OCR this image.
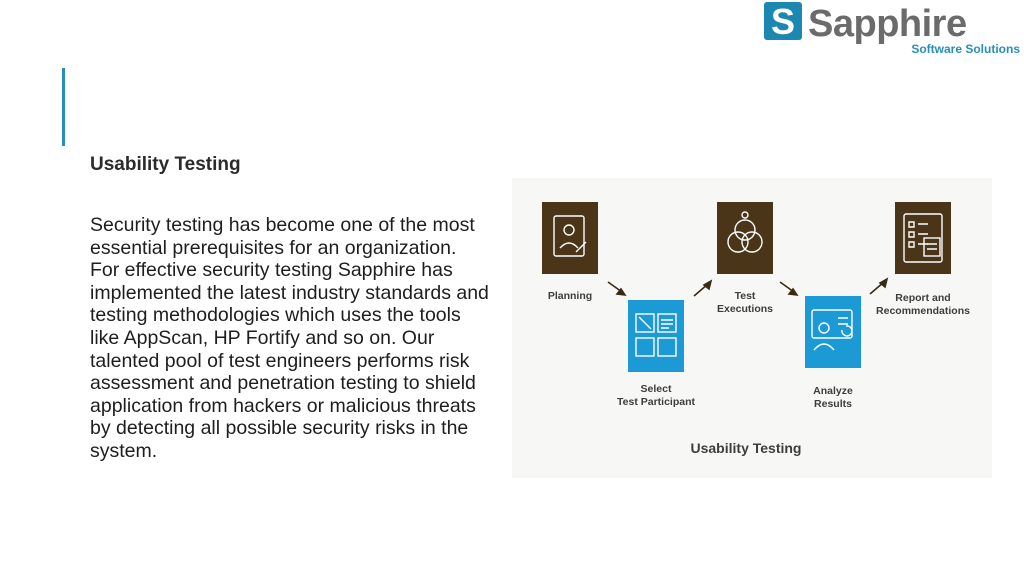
S Sapphire
Software Solutions
Usability Testing
Security testing has become one of the most essential prerequisites for an organization. For effective security testing Sapphire has implemented the latest industry standards and testing methodologies which uses the tools like AppScan, HP Fortify and so on. Our talented pool of test engineers performs risk assessment and penetration testing to shield application from hackers or malicious threats by detecting all possible security risks in the system.
Planning
Select
Test Participant
Test
Executions
Analyze
Results
Report and
Recommendations
Usability Testing
